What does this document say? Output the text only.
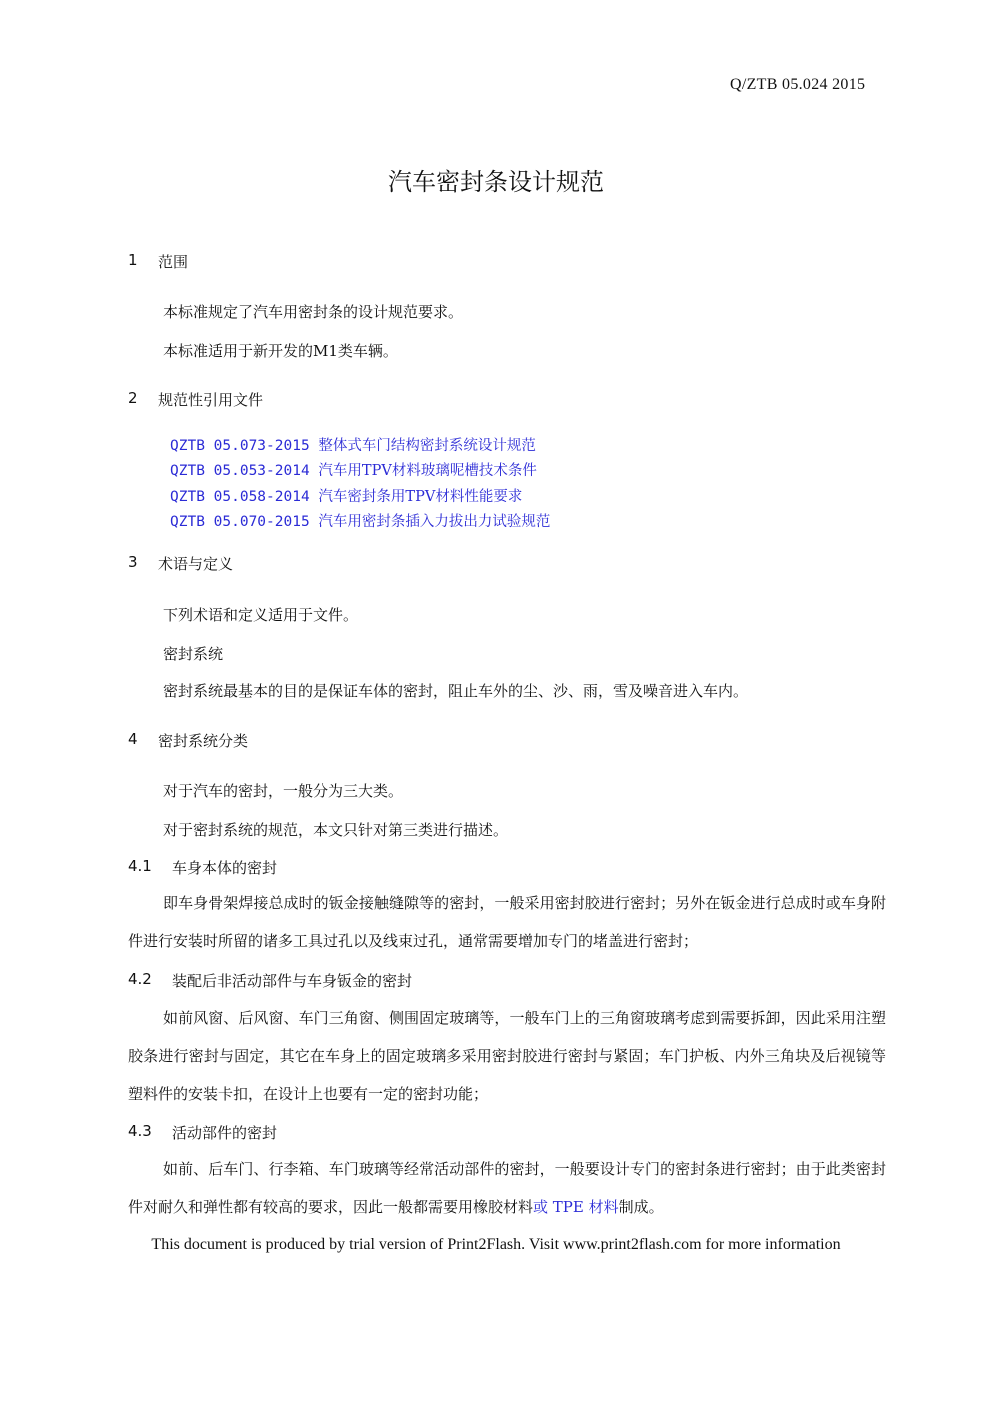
Q/ZTB 05.024 2015
汽车密封条设计规范
1 范围
本标准规定了汽车用密封条的设计规范要求。
本标准适用于新开发的M1类车辆。
2 规范性引用文件
QZTB 05.073-2015 整体式车门结构密封系统设计规范
QZTB 05.053-2014 汽车用TPV材料玻璃呢槽技术条件
QZTB 05.058-2014 汽车密封条用TPV材料性能要求
QZTB 05.070-2015 汽车用密封条插入力拔出力试验规范
3 术语与定义
下列术语和定义适用于文件。
密封系统
密封系统最基本的目的是保证车体的密封，阻止车外的尘、沙、雨，雪及噪音进入车内。
4 密封系统分类
对于汽车的密封，一般分为三大类。
对于密封系统的规范，本文只针对第三类进行描述。
4.1 车身本体的密封
即车身骨架焊接总成时的钣金接触缝隙等的密封，一般采用密封胶进行密封；另外在钣金进行总成时或车身附件进行安装时所留的诸多工具过孔以及线束过孔，通常需要增加专门的堵盖进行密封；
4.2 装配后非活动部件与车身钣金的密封
如前风窗、后风窗、车门三角窗、侧围固定玻璃等，一般车门上的三角窗玻璃考虑到需要拆卸，因此采用注塑胶条进行密封与固定，其它在车身上的固定玻璃多采用密封胶进行密封与紧固；车门护板、内外三角块及后视镜等塑料件的安装卡扣，在设计上也要有一定的密封功能；
4.3 活动部件的密封
如前、后车门、行李箱、车门玻璃等经常活动部件的密封，一般要设计专门的密封条进行密封；由于此类密封件对耐久和弹性都有较高的要求，因此一般都需要用橡胶材料或 TPE 材料制成。
This document is produced by trial version of Print2Flash. Visit www.print2flash.com for more information
